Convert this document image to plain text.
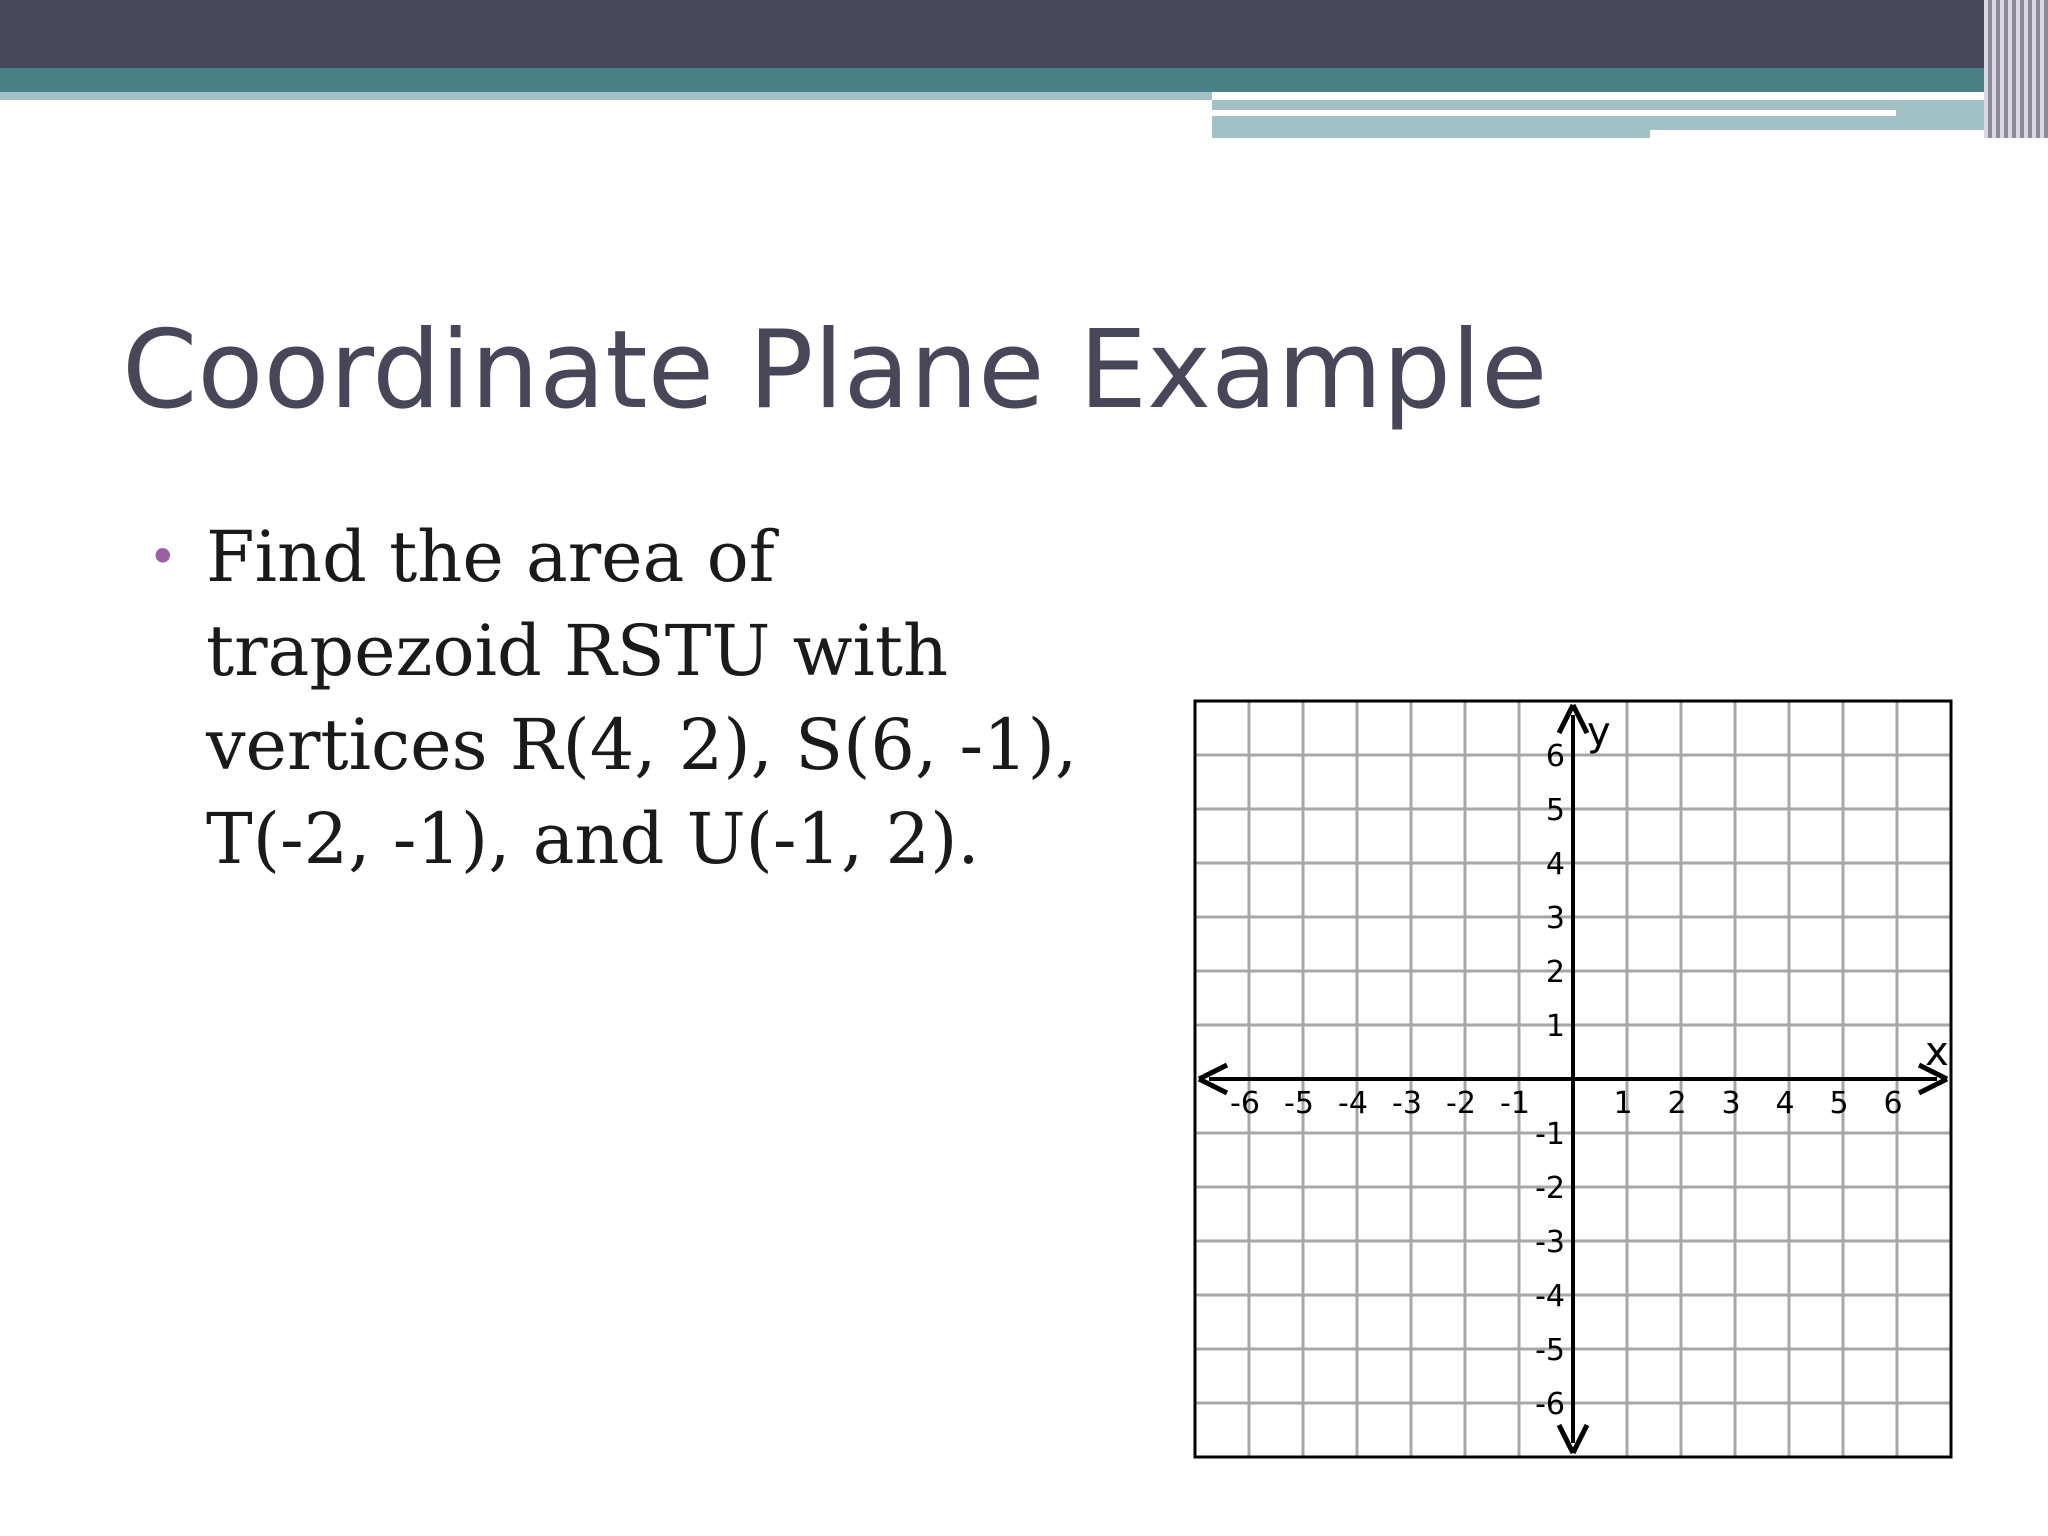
Coordinate Plane Example
• Find the area of
trapezoid RSTU with
vertices R(4, 2), S(6, -1),
T(-2, -1), and U(-1, 2).
-6 -5 -4 -3 -2 -1	1 2 3 4 5 6
6
5
4
3
2
1
-1
-2
-3
-4
-5
-6
x
y
